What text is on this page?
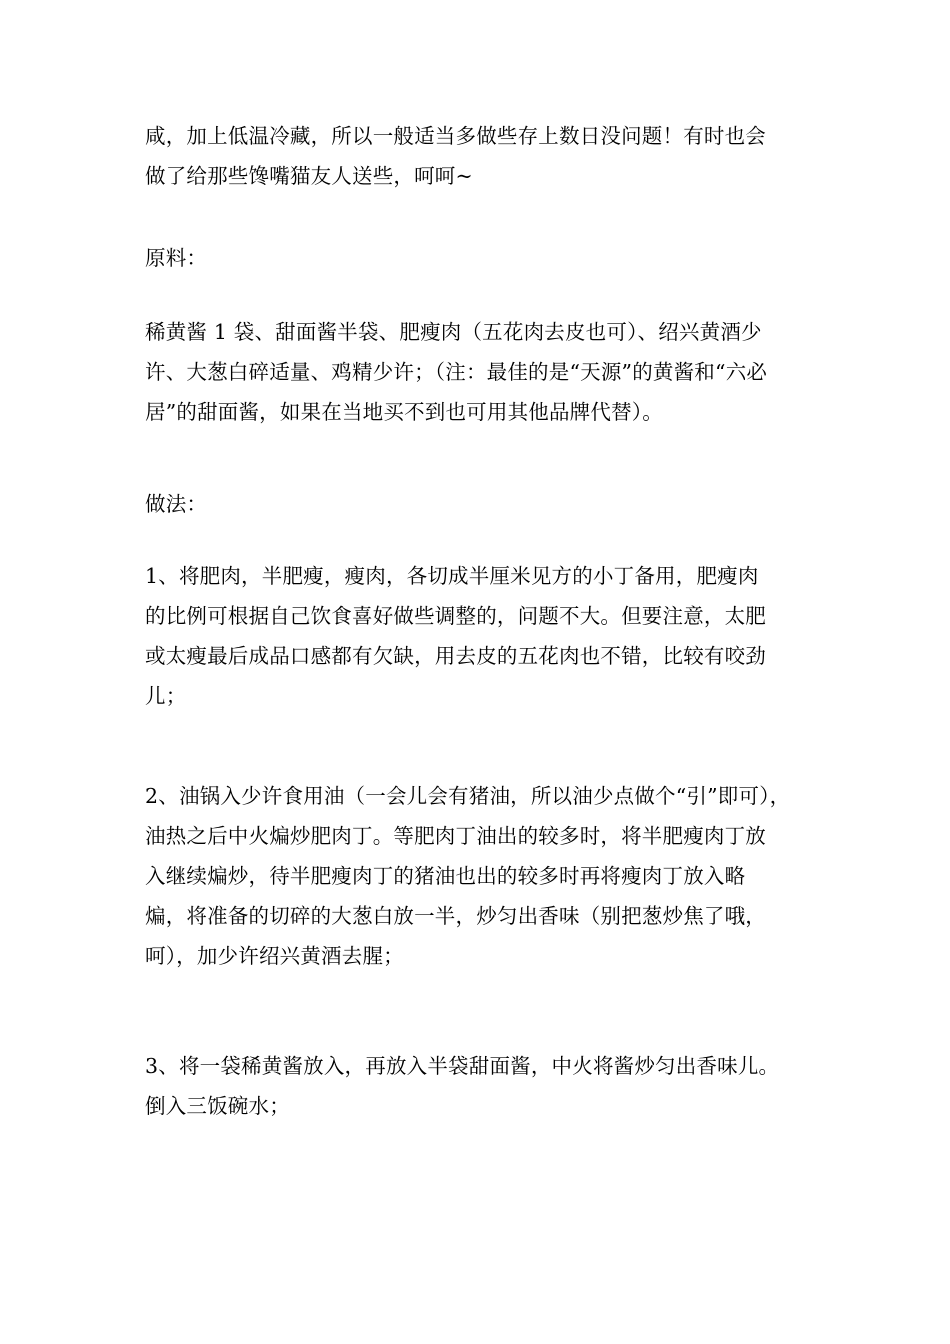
咸，加上低温冷藏，所以一般适当多做些存上数日没问题！有时也会
做了给那些馋嘴猫友人送些，呵呵~

原料：

稀黄酱 1 袋、甜面酱半袋、肥瘦肉（五花肉去皮也可）、绍兴黄酒少
许、大葱白碎适量、鸡精少许；（注：最佳的是“天源”的黄酱和“六必
居”的甜面酱，如果在当地买不到也可用其他品牌代替）。

做法：

1、将肥肉，半肥瘦，瘦肉，各切成半厘米见方的小丁备用，肥瘦肉
的比例可根据自己饮食喜好做些调整的，问题不大。但要注意，太肥
或太瘦最后成品口感都有欠缺，用去皮的五花肉也不错，比较有咬劲
儿；

2、油锅入少许食用油（一会儿会有猪油，所以油少点做个“引”即可），
油热之后中火煸炒肥肉丁。等肥肉丁油出的较多时，将半肥瘦肉丁放
入继续煸炒，待半肥瘦肉丁的猪油也出的较多时再将瘦肉丁放入略
煸，将准备的切碎的大葱白放一半，炒匀出香味（别把葱炒焦了哦，
呵），加少许绍兴黄酒去腥；

3、将一袋稀黄酱放入，再放入半袋甜面酱，中火将酱炒匀出香味儿。
倒入三饭碗水；
